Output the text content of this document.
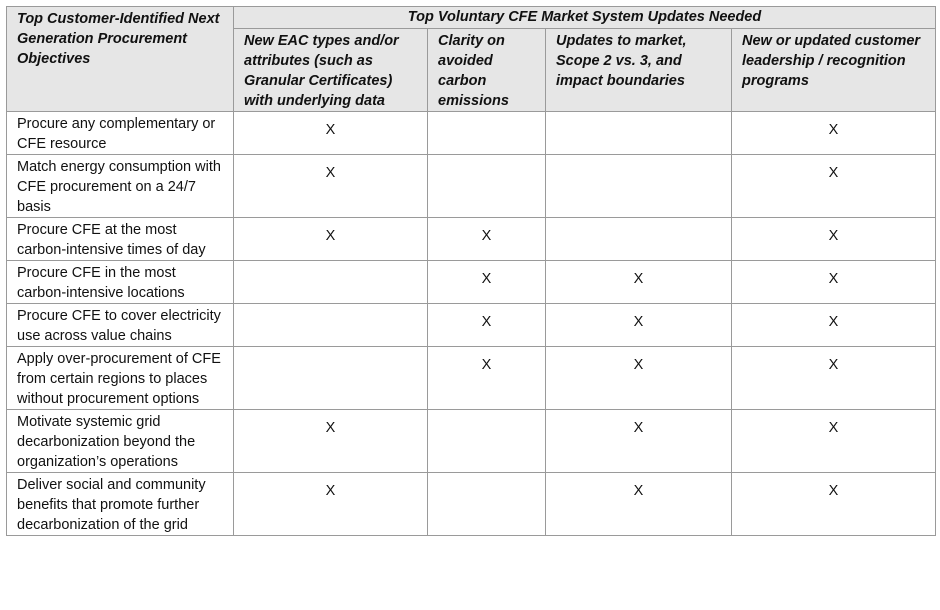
Top Customer-Identified Next Generation Procurement Objectives	Top Voluntary CFE Market System Updates Needed			
	New EAC types and/or attributes (such as Granular Certificates) with underlying data	Clarity on avoided carbon emissions	Updates to market, Scope 2 vs. 3, and impact boundaries	New or updated customer leadership / recognition programs
Procure any complementary or CFE resource	X			X
Match energy consumption with CFE procurement on a 24/7 basis	X			X
Procure CFE at the most carbon-intensive times of day	X	X		X
Procure CFE in the most carbon-intensive locations		X	X	X
Procure CFE to cover electricity use across value chains		X	X	X
Apply over-procurement of CFE from certain regions to places without procurement options		X	X	X
Motivate systemic grid decarbonization beyond the organization’s operations	X		X	X
Deliver social and community benefits that promote further decarbonization of the grid	X		X	X
